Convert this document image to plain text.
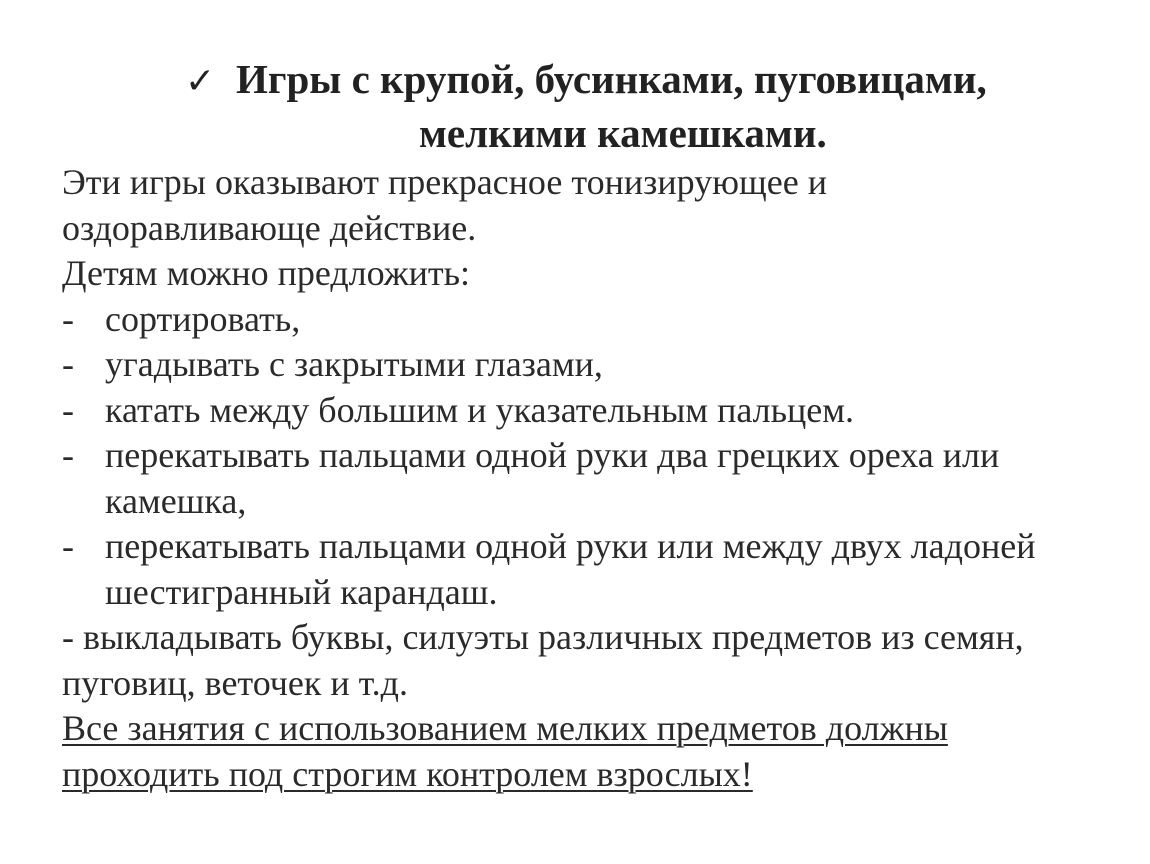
✓ Игры с крупой, бусинками, пуговицами,
мелкими камешками.

Эти игры оказывают прекрасное тонизирующее и

оздоравливающе действие.

Детям можно предложить:

- сортировать,
- угадывать с закрытыми глазами,
- катать между большим и указательным пальцем.
- перекатывать пальцами одной руки два грецких ореха или
камешка,
- перекатывать пальцами одной руки или между двух ладоней
шестигранный карандаш.

- выкладывать буквы, силуэты различных предметов из семян,

пуговиц, веточек и т.д.

Все занятия с использованием мелких предметов должны
проходить под строгим контролем взрослых!
